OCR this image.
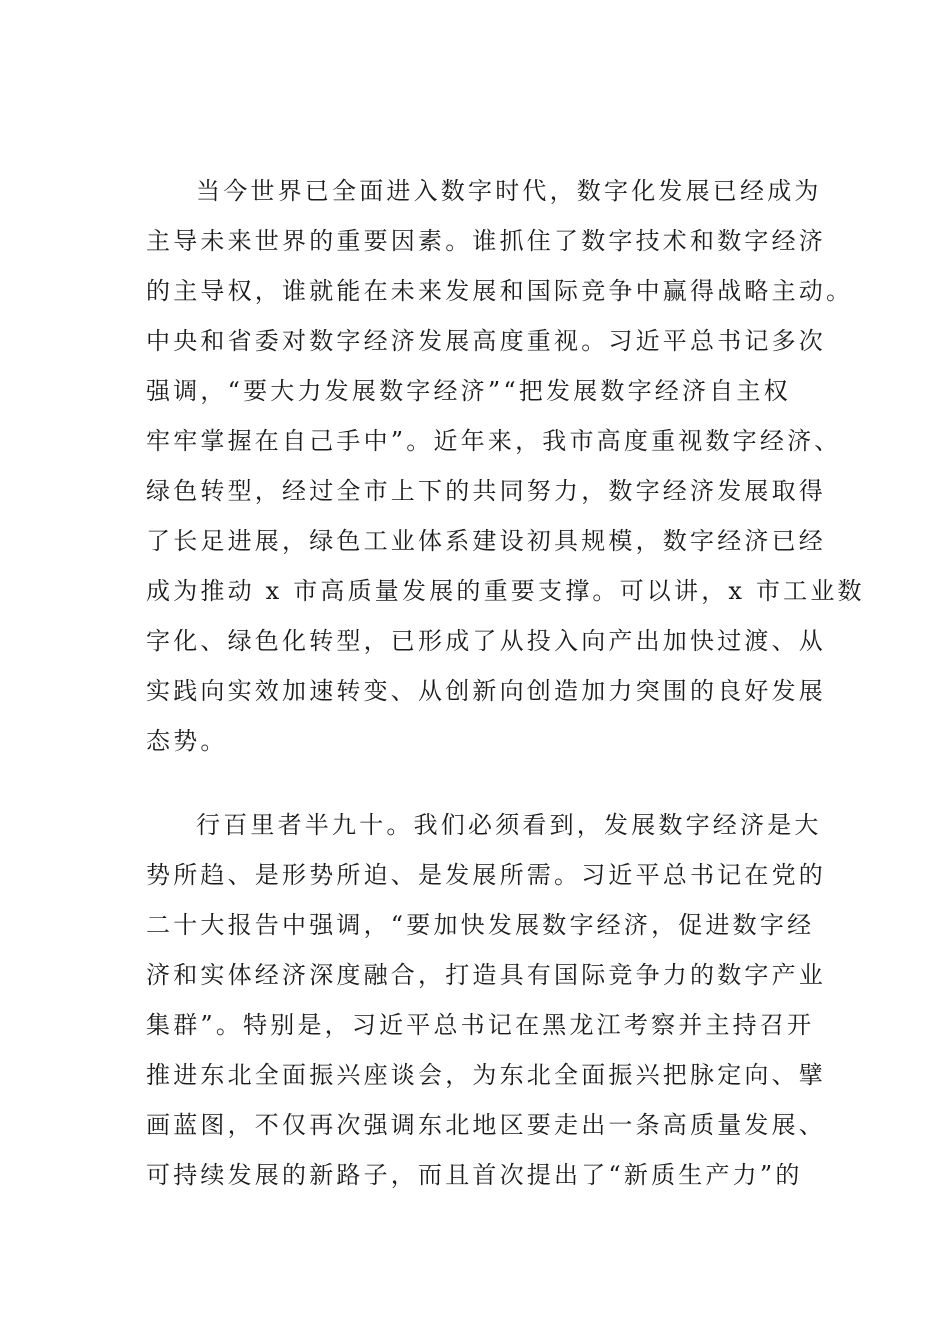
当今世界已全面进入数字时代，数字化发展已经成为
主导未来世界的重要因素。谁抓住了数字技术和数字经济
的主导权，谁就能在未来发展和国际竞争中赢得战略主动。
中央和省委对数字经济发展高度重视。习近平总书记多次
强调，“要大力发展数字经济”“把发展数字经济自主权
牢牢掌握在自己手中”。近年来，我市高度重视数字经济、
绿色转型，经过全市上下的共同努力，数字经济发展取得
了长足进展，绿色工业体系建设初具规模，数字经济已经
成为推动 x 市高质量发展的重要支撑。可以讲，x 市工业数
字化、绿色化转型，已形成了从投入向产出加快过渡、从
实践向实效加速转变、从创新向创造加力突围的良好发展
态势。
行百里者半九十。我们必须看到，发展数字经济是大
势所趋、是形势所迫、是发展所需。习近平总书记在党的
二十大报告中强调，“要加快发展数字经济，促进数字经
济和实体经济深度融合，打造具有国际竞争力的数字产业
集群”。特别是，习近平总书记在黑龙江考察并主持召开
推进东北全面振兴座谈会，为东北全面振兴把脉定向、擘
画蓝图，不仅再次强调东北地区要走出一条高质量发展、
可持续发展的新路子，而且首次提出了“新质生产力”的
